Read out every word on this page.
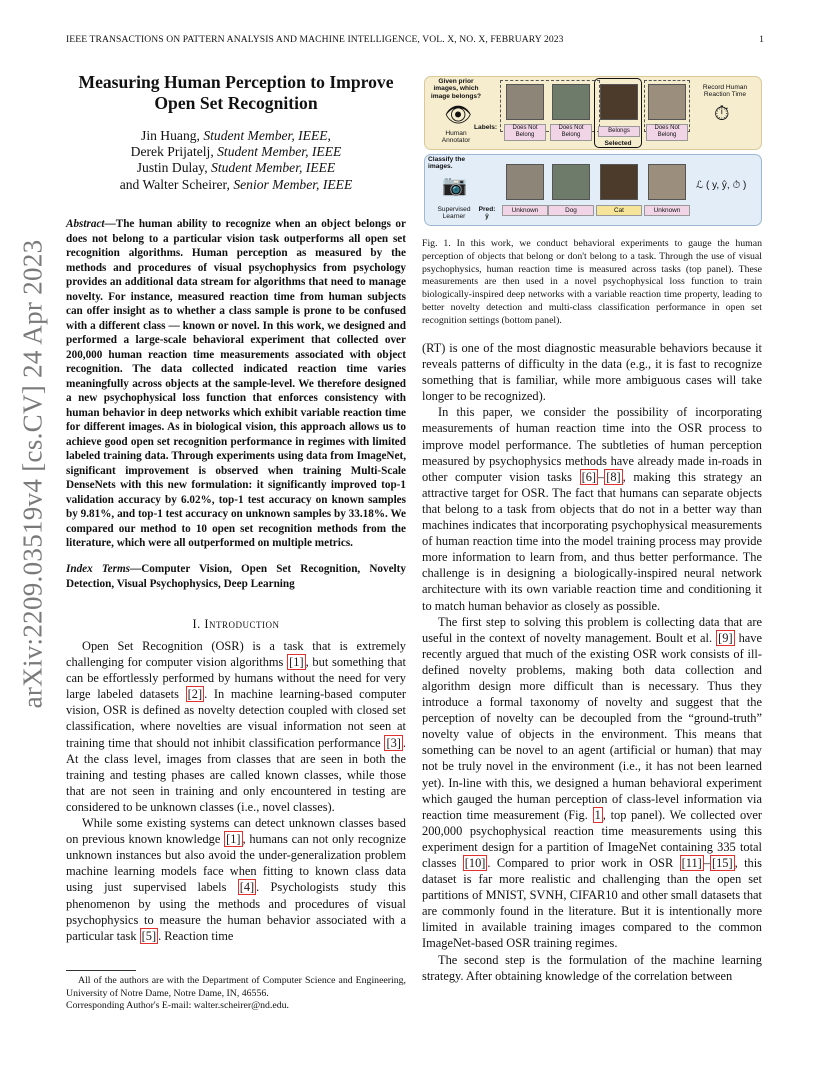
IEEE TRANSACTIONS ON PATTERN ANALYSIS AND MACHINE INTELLIGENCE, VOL. X, NO. X, FEBRUARY 2023	1
arXiv:2209.03519v4 [cs.CV] 24 Apr 2023
Measuring Human Perception to Improve Open Set Recognition
Jin Huang, Student Member, IEEE,
Derek Prijatelj, Student Member, IEEE
Justin Dulay, Student Member, IEEE
and Walter Scheirer, Senior Member, IEEE
Abstract—The human ability to recognize when an object belongs or does not belong to a particular vision task outperforms all open set recognition algorithms. Human perception as measured by the methods and procedures of visual psychophysics from psychology provides an additional data stream for algorithms that need to manage novelty. For instance, measured reaction time from human subjects can offer insight as to whether a class sample is prone to be confused with a different class — known or novel. In this work, we designed and performed a large-scale behavioral experiment that collected over 200,000 human reaction time measurements associated with object recognition. The data collected indicated reaction time varies meaningfully across objects at the sample-level. We therefore designed a new psychophysical loss function that enforces consistency with human behavior in deep networks which exhibit variable reaction time for different images. As in biological vision, this approach allows us to achieve good open set recognition performance in regimes with limited labeled training data. Through experiments using data from ImageNet, significant improvement is observed when training Multi-Scale DenseNets with this new formulation: it significantly improved top-1 validation accuracy by 6.02%, top-1 test accuracy on known samples by 9.81%, and top-1 test accuracy on unknown samples by 33.18%. We compared our method to 10 open set recognition methods from the literature, which were all outperformed on multiple metrics.
Index Terms—Computer Vision, Open Set Recognition, Novelty Detection, Visual Psychophysics, Deep Learning
I. Introduction

Open Set Recognition (OSR) is a task that is extremely challenging for computer vision algorithms [1] , but something that can be effortlessly performed by humans without the need for very large labeled datasets [2] . In machine learning-based computer vision, OSR is defined as novelty detection coupled with closed set classification, where novelties are visual information not seen at training time that should not inhibit classification performance [3] . At the class level, images from classes that are seen in both the training and testing phases are called known classes, while those that are not seen in training and only encountered in testing are considered to be unknown classes (i.e., novel classes).

While some existing systems can detect unknown classes based on previous known knowledge [1] , humans can not only recognize unknown instances but also avoid the under-generalization problem machine learning models face when fitting to known class data using just supervised labels [4] . Psychologists study this phenomenon by using the methods and procedures of visual psychophysics to measure the human behavior associated with a particular task [5] . Reaction time

All of the authors are with the Department of Computer Science and Engineering, University of Notre Dame, Notre Dame, IN, 46556.
Corresponding Author's E-mail: walter.scheirer@nd.edu.
Given prior images, which image belongs?
👁
Human Annotator
Labels:	Does Not Belong
Does Not Belong
Belongs	Does Not Belong
Selected
Record Human Reaction Time
⏱
Classify the images.
📷
Supervised Learner
Pred: ŷ
Unknown	Dog	Cat	Unknown
ℒ ( y, ŷ, ⏱ )
Fig. 1. In this work, we conduct behavioral experiments to gauge the human perception of objects that belong or don't belong to a task. Through the use of visual psychophysics, human reaction time is measured across tasks (top panel). These measurements are then used in a novel psychophysical loss function to train biologically-inspired deep networks with a variable reaction time property, leading to better novelty detection and multi-class classification performance in open set recognition settings (bottom panel).

(RT) is one of the most diagnostic measurable behaviors because it reveals patterns of difficulty in the data (e.g., it is fast to recognize something that is familiar, while more ambiguous cases will take longer to be recognized).

In this paper, we consider the possibility of incorporating measurements of human reaction time into the OSR process to improve model performance. The subtleties of human perception measured by psychophysics methods have already made in-roads in other computer vision tasks [6] – [8] , making this strategy an attractive target for OSR. The fact that humans can separate objects that belong to a task from objects that do not in a better way than machines indicates that incorporating psychophysical measurements of human reaction time into the model training process may provide more information to learn from, and thus better performance. The challenge is in designing a biologically-inspired neural network architecture with its own variable reaction time and conditioning it to match human behavior as closely as possible.

The first step to solving this problem is collecting data that are useful in the context of novelty management. Boult et al. [9] have recently argued that much of the existing OSR work consists of ill-defined novelty problems, making both data collection and algorithm design more difficult than is necessary. Thus they introduce a formal taxonomy of novelty and suggest that the perception of novelty can be decoupled from the “ground-truth” novelty value of objects in the environment. This means that something can be novel to an agent (artificial or human) that may not be truly novel in the environment (i.e., it has not been learned yet). In-line with this, we designed a human behavioral experiment which gauged the human perception of class-level information via reaction time measurement (Fig. 1 , top panel). We collected over 200,000 psychophysical reaction time measurements using this experiment design for a partition of ImageNet containing 335 total classes [10] . Compared to prior work in OSR [11] – [15] , this dataset is far more realistic and challenging than the open set partitions of MNIST, SVNH, CIFAR10 and other small datasets that are commonly found in the literature. But it is intentionally more limited in available training images compared to the common ImageNet-based OSR training regimes.

The second step is the formulation of the machine learning strategy. After obtaining knowledge of the correlation between
